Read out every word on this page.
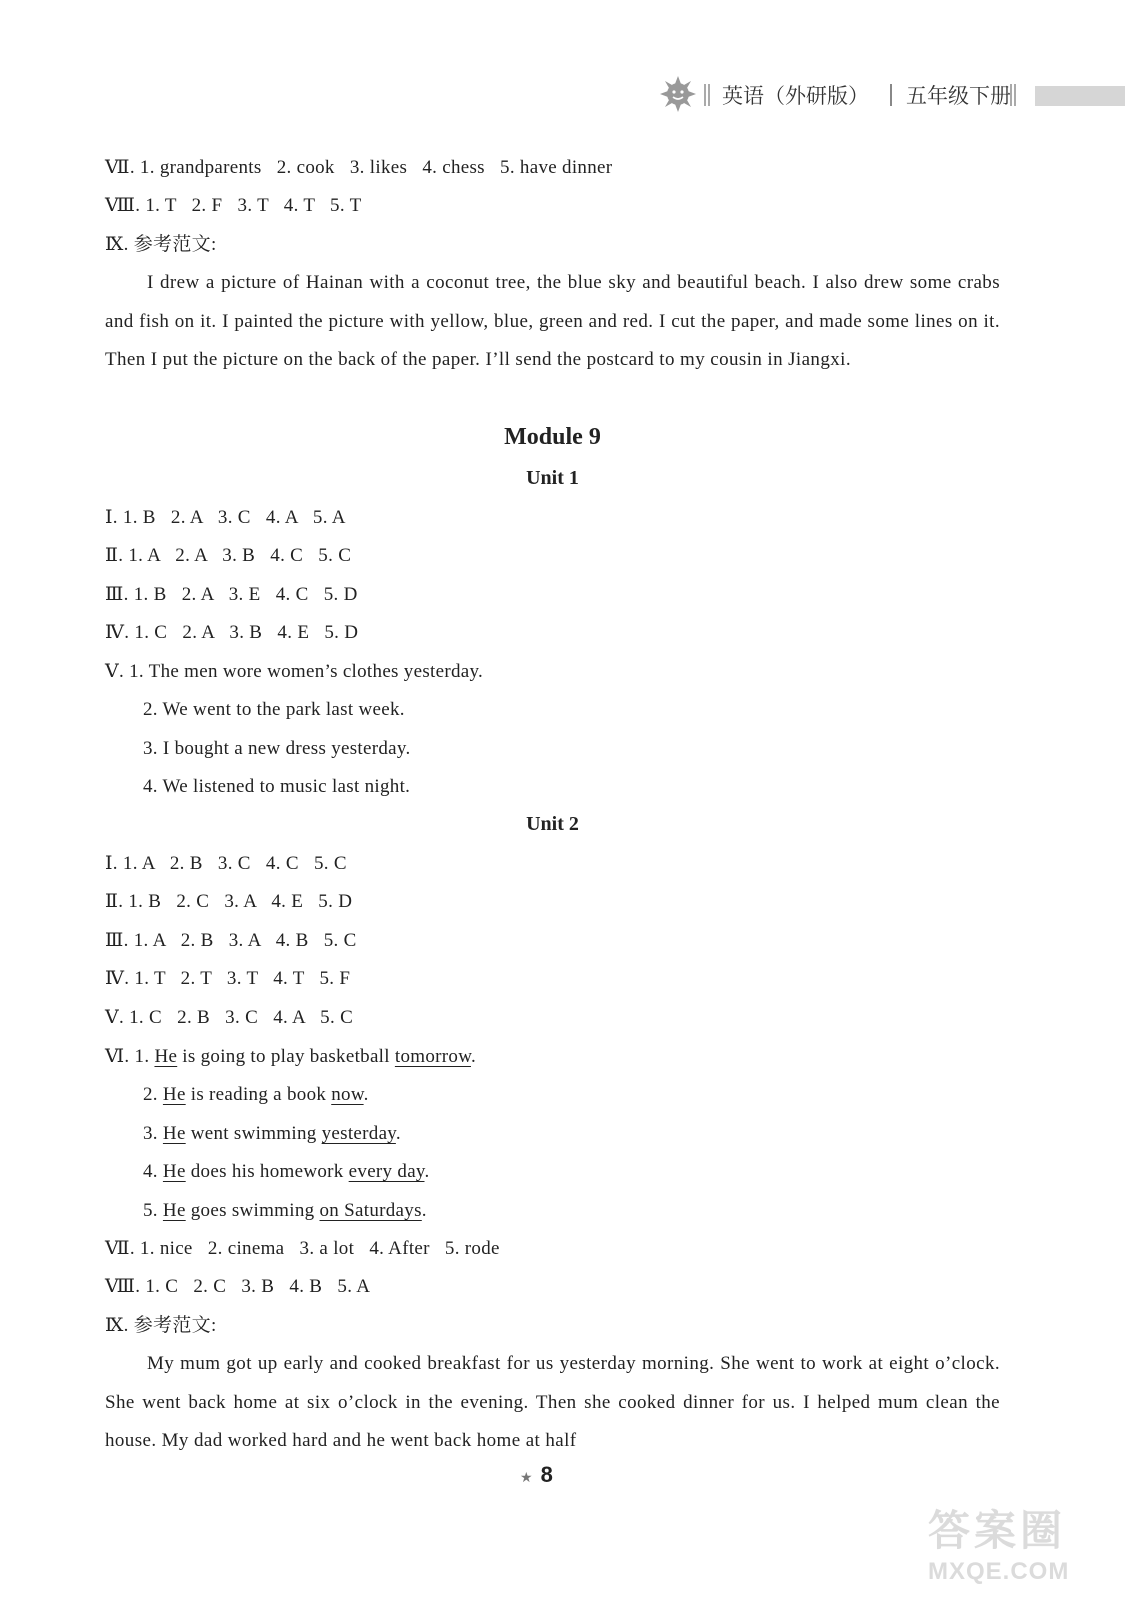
英语（外研版） 五年级下册
Ⅶ. 1. grandparents   2. cook   3. likes   4. chess   5. have dinner
Ⅷ. 1. T   2. F   3. T   4. T   5. T
Ⅸ. 参考范文:
I drew a picture of Hainan with a coconut tree, the blue sky and beautiful beach. I also drew some crabs and fish on it. I painted the picture with yellow, blue, green and red. I cut the paper, and made some lines on it. Then I put the picture on the back of the paper. I’ll send the postcard to my cousin in Jiangxi.
Module 9
Unit 1
Ⅰ. 1. B   2. A   3. C   4. A   5. A
Ⅱ. 1. A   2. A   3. B   4. C   5. C
Ⅲ. 1. B   2. A   3. E   4. C   5. D
Ⅳ. 1. C   2. A   3. B   4. E   5. D
Ⅴ. 1. The men wore women’s clothes yesterday.
2. We went to the park last week.
3. I bought a new dress yesterday.
4. We listened to music last night.
Unit 2
Ⅰ. 1. A   2. B   3. C   4. C   5. C
Ⅱ. 1. B   2. C   3. A   4. E   5. D
Ⅲ. 1. A   2. B   3. A   4. B   5. C
Ⅳ. 1. T   2. T   3. T   4. T   5. F
Ⅴ. 1. C   2. B   3. C   4. A   5. C
Ⅵ. 1. He is going to play basketball tomorrow.
2. He is reading a book now.
3. He went swimming yesterday.
4. He does his homework every day.
5. He goes swimming on Saturdays.
Ⅶ. 1. nice   2. cinema   3. a lot   4. After   5. rode
Ⅷ. 1. C   2. C   3. B   4. B   5. A
Ⅸ. 参考范文:
My mum got up early and cooked breakfast for us yesterday morning. She went to work at eight o’clock. She went back home at six o’clock in the evening. Then she cooked dinner for us. I helped mum clean the house. My dad worked hard and he went back home at half
★ 8
答案圈
MXQE.COM
